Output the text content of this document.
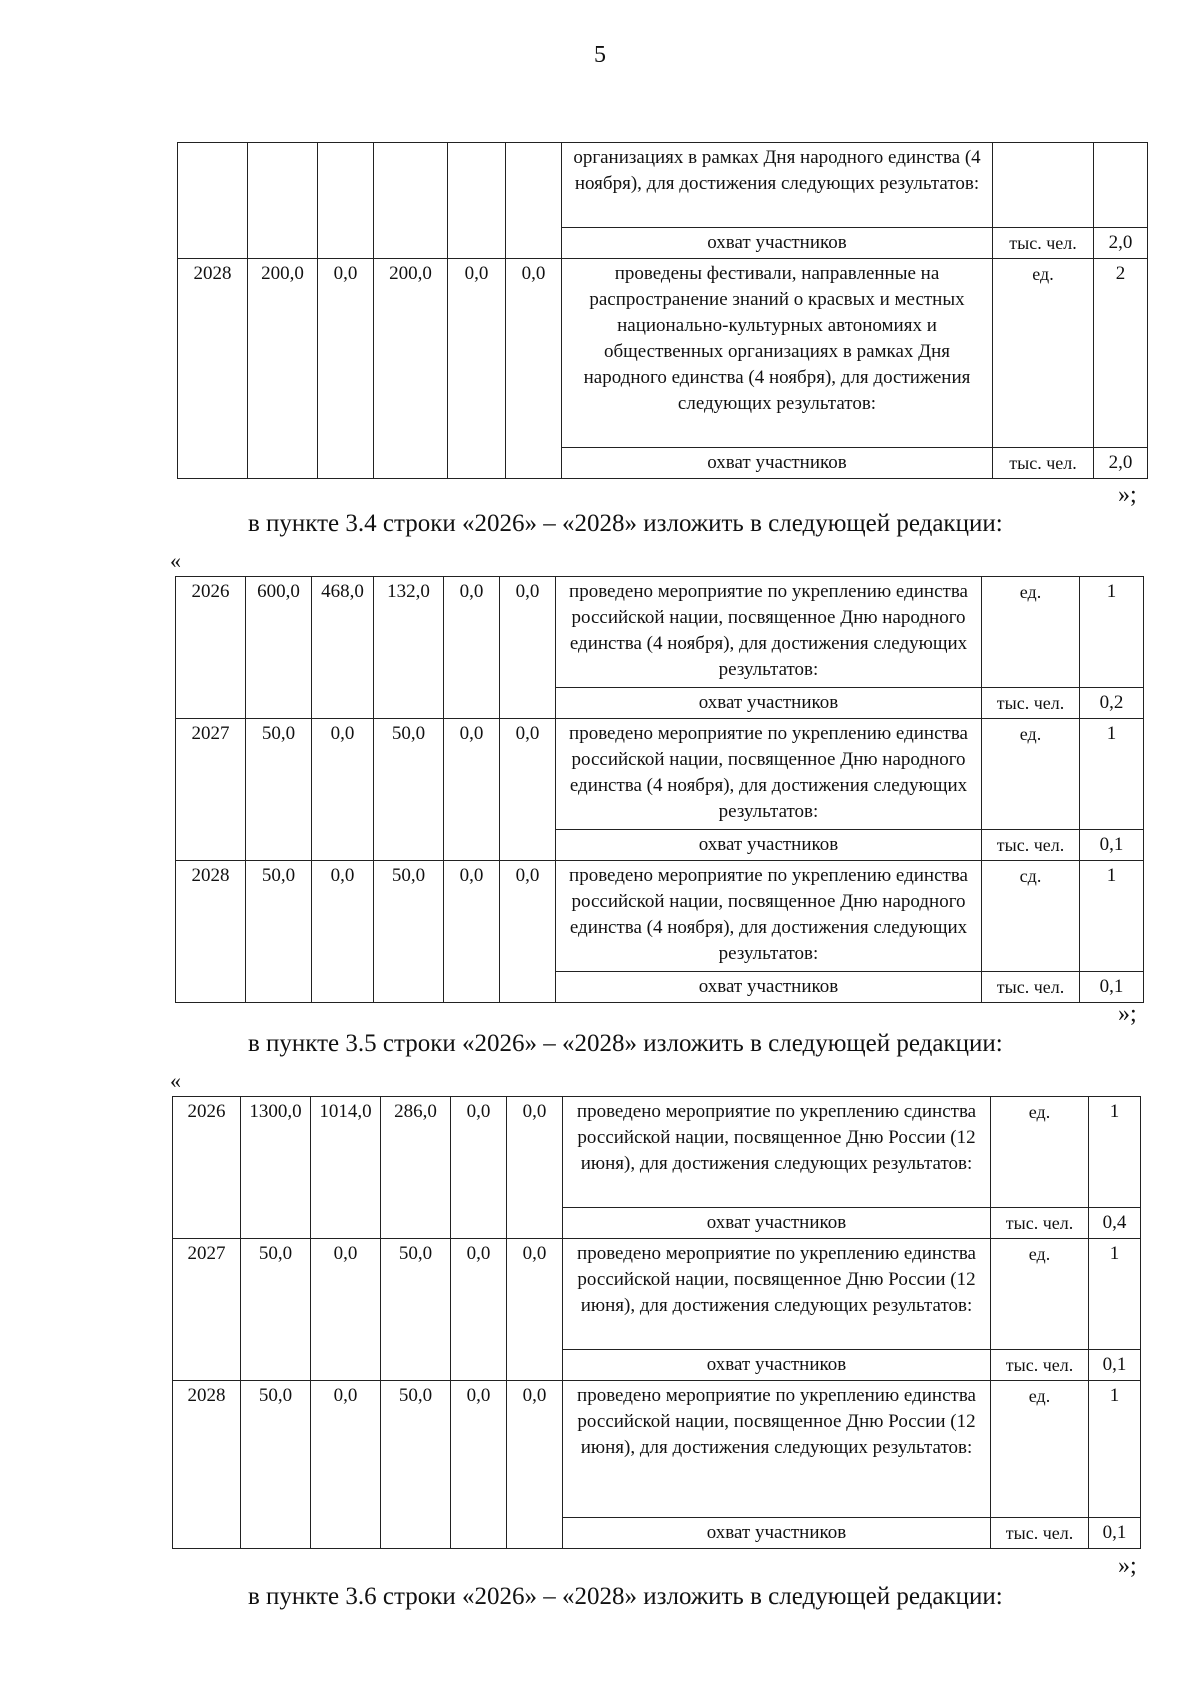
5
						организациях в рамках Дня народного единства (4 ноября), для достижения следующих результатов:		
						охват участников	тыс. чел.	2,0
2028	200,0	0,0	200,0	0,0	0,0	проведены фестивали, направленные на распространение знаний о красвых и местных национально-культурных автономиях и общественных организациях в рамках Дня народного единства (4 ноября), для достижения следующих результатов:	ед.	2
						охват участников	тыс. чел.	2,0
»;
в пункте 3.4 строки «2026» – «2028» изложить в следующей редакции:
«
2026	600,0	468,0	132,0	0,0	0,0	проведено мероприятие по укреплению единства российской нации, посвященное Дню народного единства (4 ноября), для достижения следующих результатов:	ед.	1
						охват участников	тыс. чел.	0,2
2027	50,0	0,0	50,0	0,0	0,0	проведено мероприятие по укреплению единства российской нации, посвященное Дню народного единства (4 ноября), для достижения следующих результатов:	ед.	1
						охват участников	тыс. чел.	0,1
2028	50,0	0,0	50,0	0,0	0,0	проведено мероприятие по укреплению единства российской нации, посвященное Дню народного единства (4 ноября), для достижения следующих результатов:	сд.	1
						охват участников	тыс. чел.	0,1
»;
в пункте 3.5 строки «2026» – «2028» изложить в следующей редакции:
«
2026	1300,0	1014,0	286,0	0,0	0,0	проведено мероприятие по укреплению сдинства российской нации, посвященное Дню России (12 июня), для достижения следующих результатов:	ед.	1
						охват участников	тыс. чел.	0,4
2027	50,0	0,0	50,0	0,0	0,0	проведено мероприятие по укреплению единства российской нации, посвященное Дню России (12 июня), для достижения следующих результатов:	ед.	1
						охват участников	тыс. чел.	0,1
2028	50,0	0,0	50,0	0,0	0,0	проведено мероприятие по укреплению единства российской нации, посвященное Дню России (12 июня), для достижения следующих результатов:	ед.	1
						охват участников	тыс. чел.	0,1
»;
в пункте 3.6 строки «2026» – «2028» изложить в следующей редакции:
